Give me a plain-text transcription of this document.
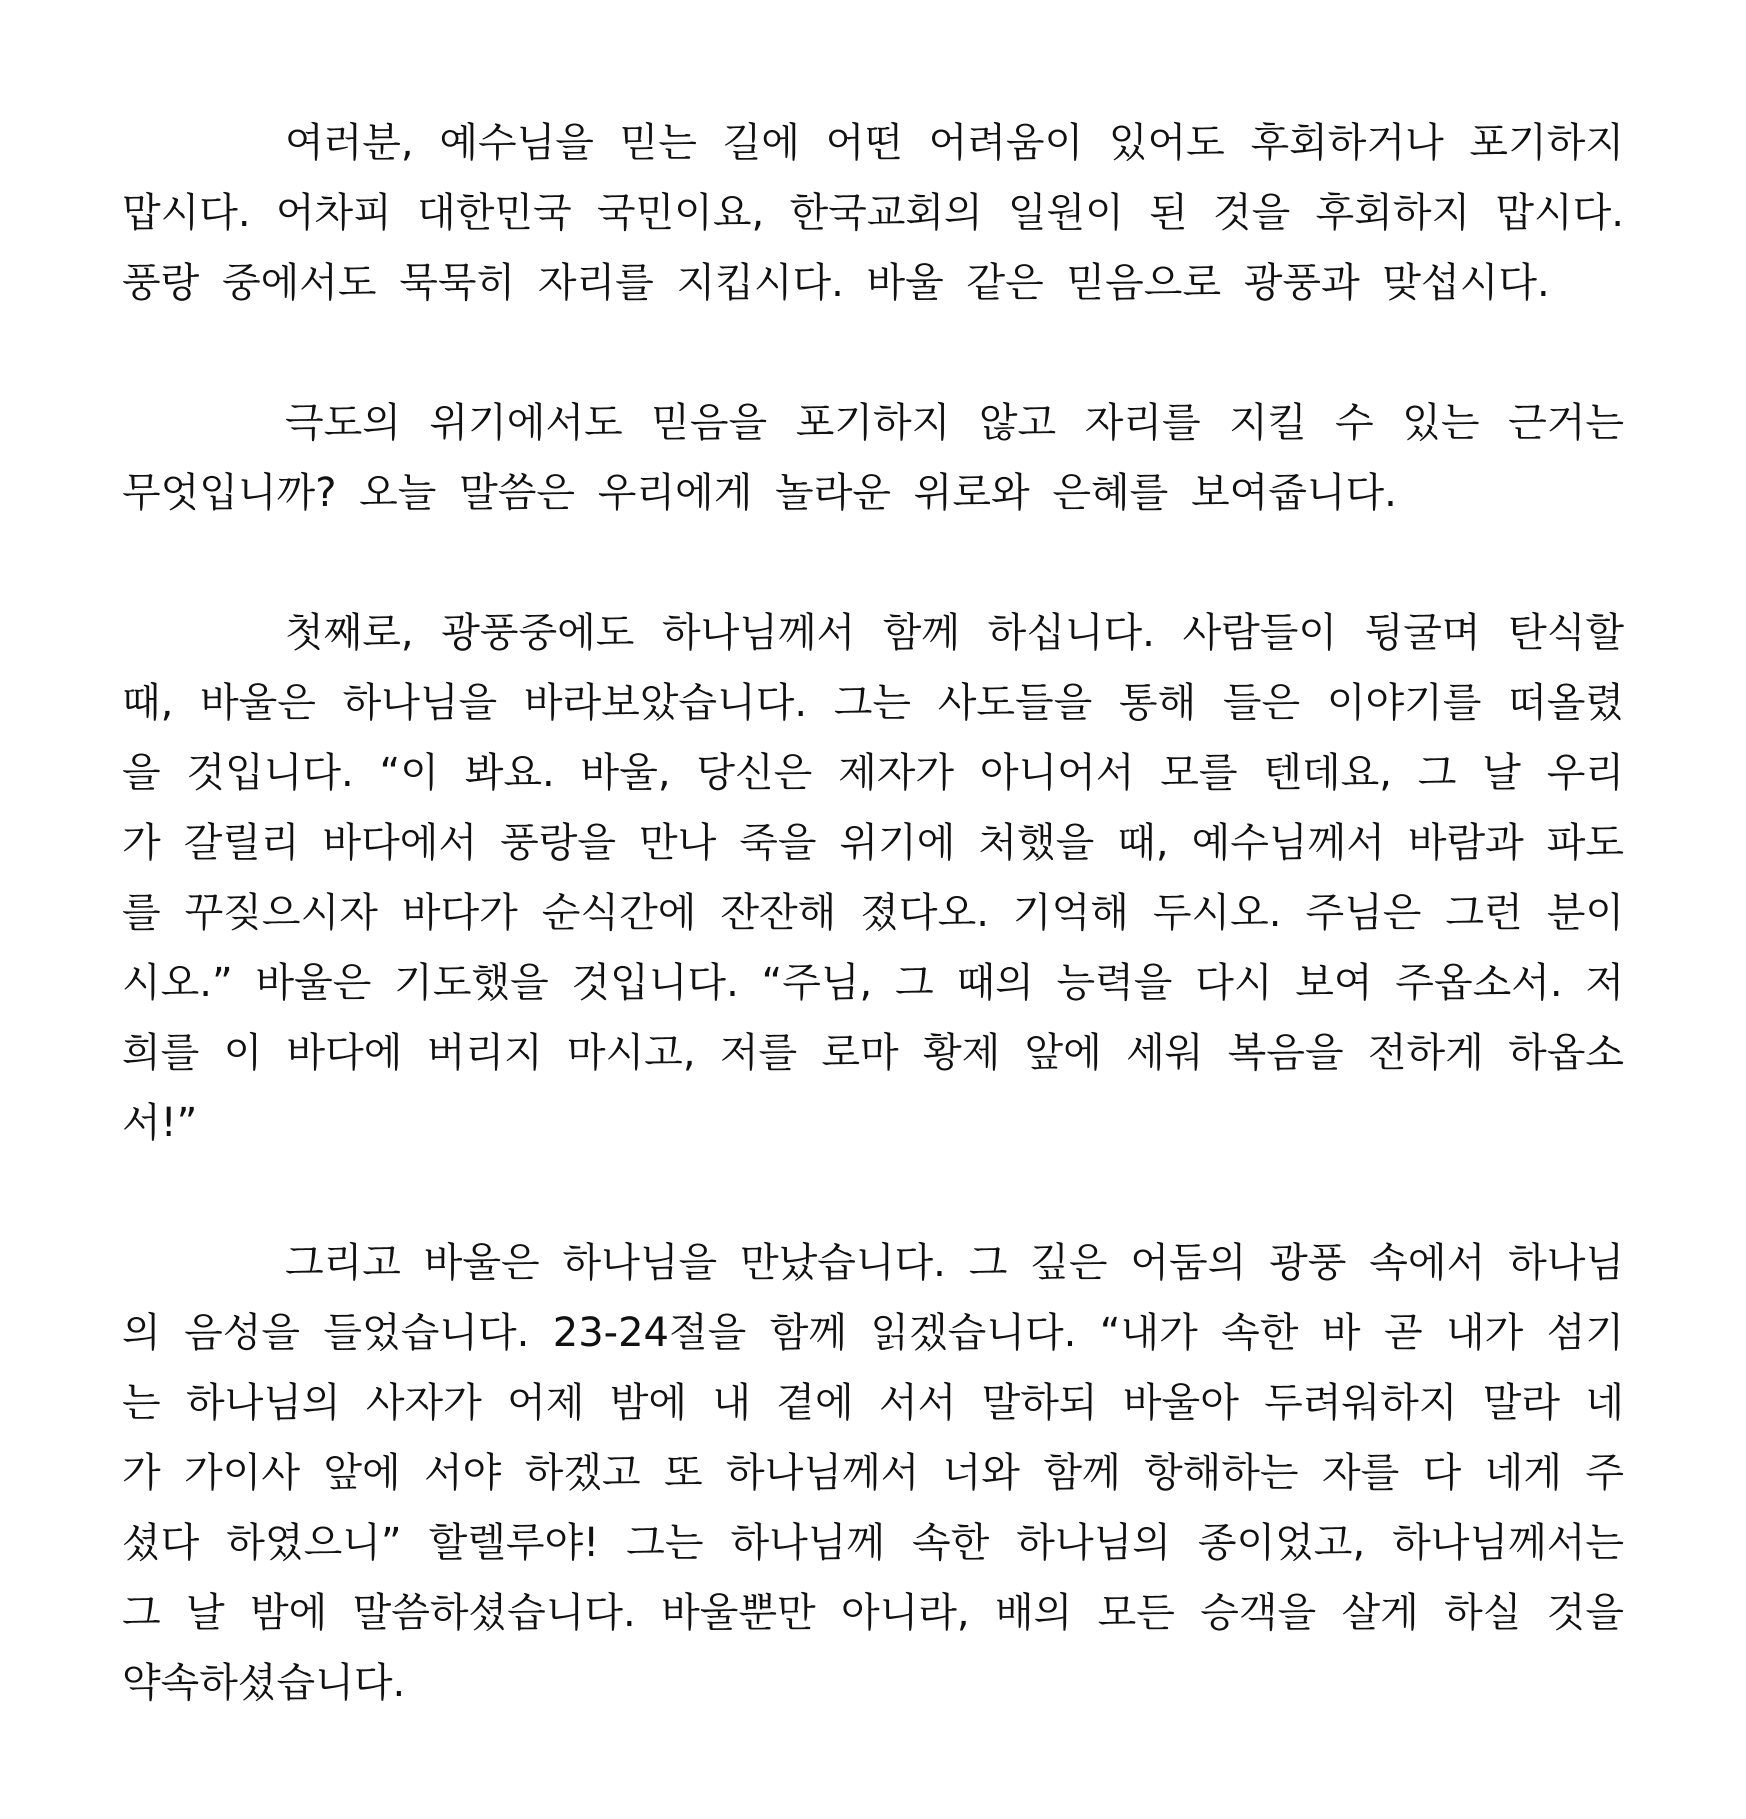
여러분, 예수님을 믿는 길에 어떤 어려움이 있어도 후회하거나 포기하지 맙시다. 어차피 대한민국 국민이요, 한국교회의 일원이 된 것을 후회하지 맙시다. 풍랑 중에서도 묵묵히 자리를 지킵시다. 바울 같은 믿음으로 광풍과 맞섭시다.

극도의 위기에서도 믿음을 포기하지 않고 자리를 지킬 수 있는 근거는 무엇입니까? 오늘 말씀은 우리에게 놀라운 위로와 은혜를 보여줍니다.

첫째로, 광풍중에도 하나님께서 함께 하십니다. 사람들이 뒹굴며 탄식할 때, 바울은 하나님을 바라보았습니다. 그는 사도들을 통해 들은 이야기를 떠올렸을 것입니다. “이 봐요. 바울, 당신은 제자가 아니어서 모를 텐데요, 그 날 우리가 갈릴리 바다에서 풍랑을 만나 죽을 위기에 처했을 때, 예수님께서 바람과 파도를 꾸짖으시자 바다가 순식간에 잔잔해 졌다오. 기억해 두시오. 주님은 그런 분이시오.” 바울은 기도했을 것입니다. “주님, 그 때의 능력을 다시 보여 주옵소서. 저희를 이 바다에 버리지 마시고, 저를 로마 황제 앞에 세워 복음을 전하게 하옵소서!”

그리고 바울은 하나님을 만났습니다. 그 깊은 어둠의 광풍 속에서 하나님의 음성을 들었습니다. 23-24절을 함께 읽겠습니다. “내가 속한 바 곧 내가 섬기는 하나님의 사자가 어제 밤에 내 곁에 서서 말하되 바울아 두려워하지 말라 네가 가이사 앞에 서야 하겠고 또 하나님께서 너와 함께 항해하는 자를 다 네게 주셨다 하였으니” 할렐루야! 그는 하나님께 속한 하나님의 종이었고, 하나님께서는 그 날 밤에 말씀하셨습니다. 바울뿐만 아니라, 배의 모든 승객을 살게 하실 것을 약속하셨습니다.
